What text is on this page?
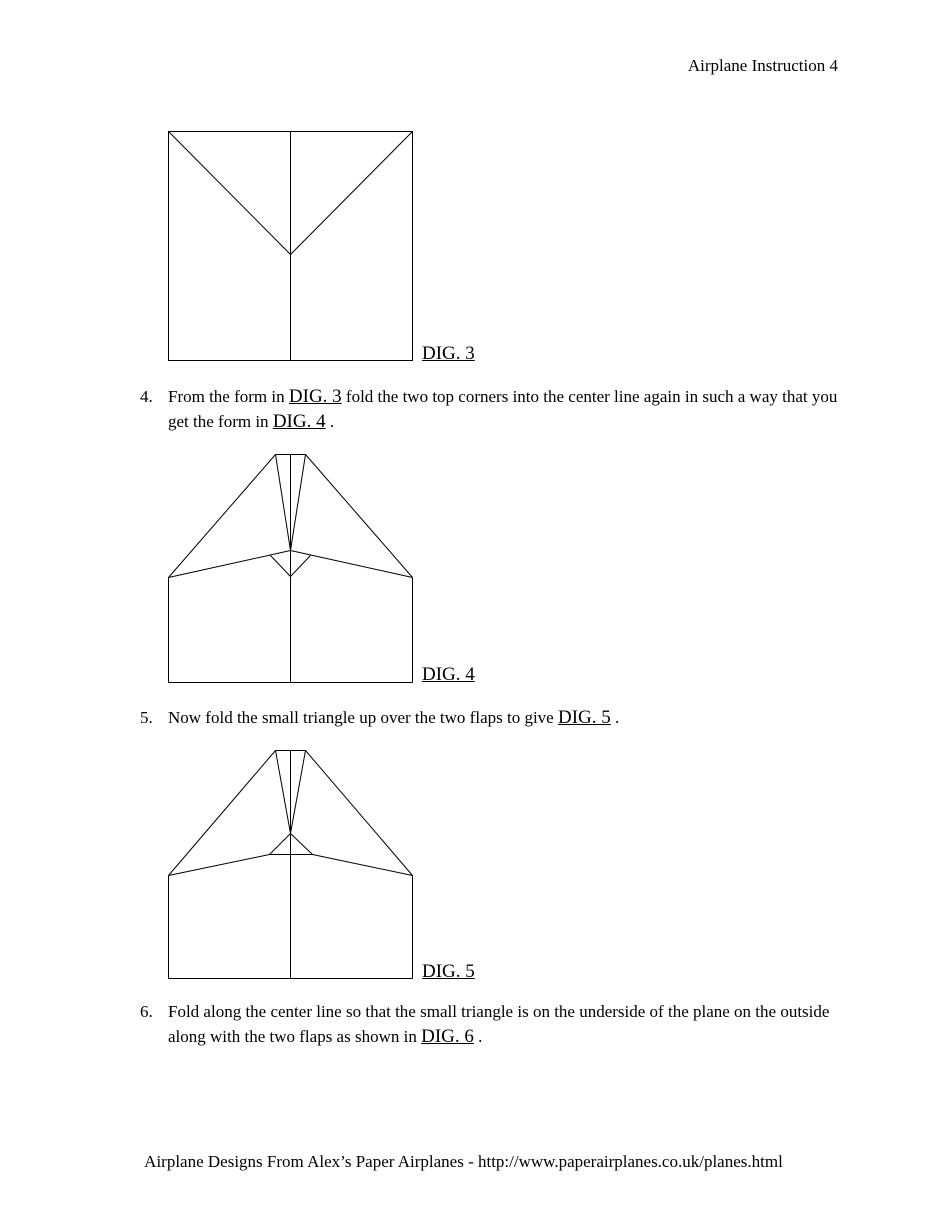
Airplane Instruction 4
DIG. 3
4. From the form in DIG. 3 fold the two top corners into the center line again in such a way that you get the form in DIG. 4 .
DIG. 4
5. Now fold the small triangle up over the two flaps to give DIG. 5 .
DIG. 5
6. Fold along the center line so that the small triangle is on the underside of the plane on the outside along with the two flaps as shown in DIG. 6 .
Airplane Designs From Alex’s Paper Airplanes - http://www.paperairplanes.co.uk/planes.html
